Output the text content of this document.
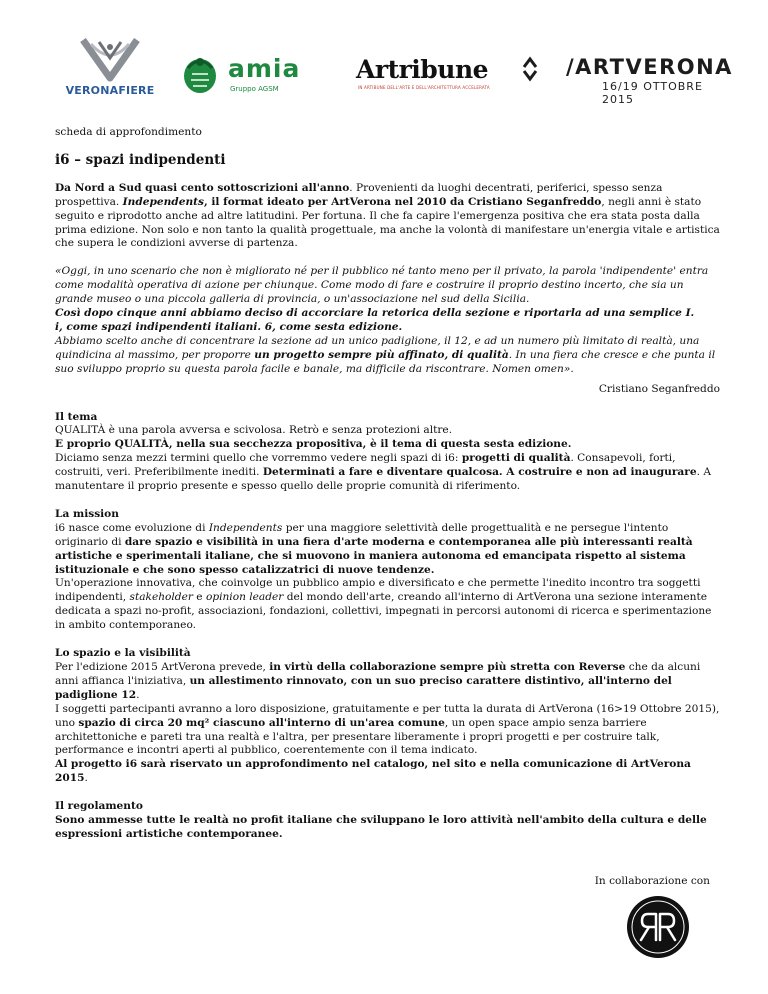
VERONAFIERE
amia
Gruppo AGSM
Artribune
IN ARTIBUNE DELL'ARTE E DELL'ARCHITETTURA ACCELERATA
/ARTVERONA
16/19 OTTOBRE 2015

scheda di approfondimento

i6 – spazi indipendenti

Da Nord a Sud quasi cento sottoscrizioni all'anno. Provenienti da luoghi decentrati, periferici, spesso senza prospettiva. Independents, il format ideato per ArtVerona nel 2010 da Cristiano Seganfreddo, negli anni è stato seguito e riprodotto anche ad altre latitudini. Per fortuna. Il che fa capire l'emergenza positiva che era stata posta dalla prima edizione. Non solo e non tanto la qualità progettuale, ma anche la volontà di manifestare un'energia vitale e artistica che supera le condizioni avverse di partenza.

«Oggi, in uno scenario che non è migliorato né per il pubblico né tanto meno per il privato, la parola 'indipendente' entra come modalità operativa di azione per chiunque. Come modo di fare e costruire il proprio destino incerto, che sia un grande museo o una piccola galleria di provincia, o un'associazione nel sud della Sicilia.

Così dopo cinque anni abbiamo deciso di accorciare la retorica della sezione e riportarla ad una semplice I.

i, come spazi indipendenti italiani. 6, come sesta edizione.

Abbiamo scelto anche di concentrare la sezione ad un unico padiglione, il 12, e ad un numero più limitato di realtà, una quindicina al massimo, per proporre un progetto sempre più affinato, di qualità. In una fiera che cresce e che punta il suo sviluppo proprio su questa parola facile e banale, ma difficile da riscontrare. Nomen omen».

Cristiano Seganfreddo

Il tema

QUALITÀ è una parola avversa e scivolosa. Retrò e senza protezioni altre.

E proprio QUALITÀ, nella sua secchezza propositiva, è il tema di questa sesta edizione.

Diciamo senza mezzi termini quello che vorremmo vedere negli spazi di i6: progetti di qualità. Consapevoli, forti, costruiti, veri. Preferibilmente inediti. Determinati a fare e diventare qualcosa. A costruire e non ad inaugurare. A manutentare il proprio presente e spesso quello delle proprie comunità di riferimento.

La mission

i6 nasce come evoluzione di Independents per una maggiore selettività delle progettualità e ne persegue l'intento originario di dare spazio e visibilità in una fiera d'arte moderna e contemporanea alle più interessanti realtà artistiche e sperimentali italiane, che si muovono in maniera autonoma ed emancipata rispetto al sistema istituzionale e che sono spesso catalizzatrici di nuove tendenze.

Un'operazione innovativa, che coinvolge un pubblico ampio e diversificato e che permette l'inedito incontro tra soggetti indipendenti, stakeholder e opinion leader del mondo dell'arte, creando all'interno di ArtVerona una sezione interamente dedicata a spazi no-profit, associazioni, fondazioni, collettivi, impegnati in percorsi autonomi di ricerca e sperimentazione in ambito contemporaneo.

Lo spazio e la visibilità

Per l'edizione 2015 ArtVerona prevede, in virtù della collaborazione sempre più stretta con Reverse che da alcuni anni affianca l'iniziativa, un allestimento rinnovato, con un suo preciso carattere distintivo, all'interno del padiglione 12.

I soggetti partecipanti avranno a loro disposizione, gratuitamente e per tutta la durata di ArtVerona (16>19 Ottobre 2015), uno spazio di circa 20 mq² ciascuno all'interno di un'area comune, un open space ampio senza barriere architettoniche e pareti tra una realtà e l'altra, per presentare liberamente i propri progetti e per costruire talk, performance e incontri aperti al pubblico, coerentemente con il tema indicato.

Al progetto i6 sarà riservato un approfondimento nel catalogo, nel sito e nella comunicazione di ArtVerona 2015.

Il regolamento

Sono ammesse tutte le realtà no profit italiane che sviluppano le loro attività nell'ambito della cultura e delle espressioni artistiche contemporanee.

In collaborazione con
